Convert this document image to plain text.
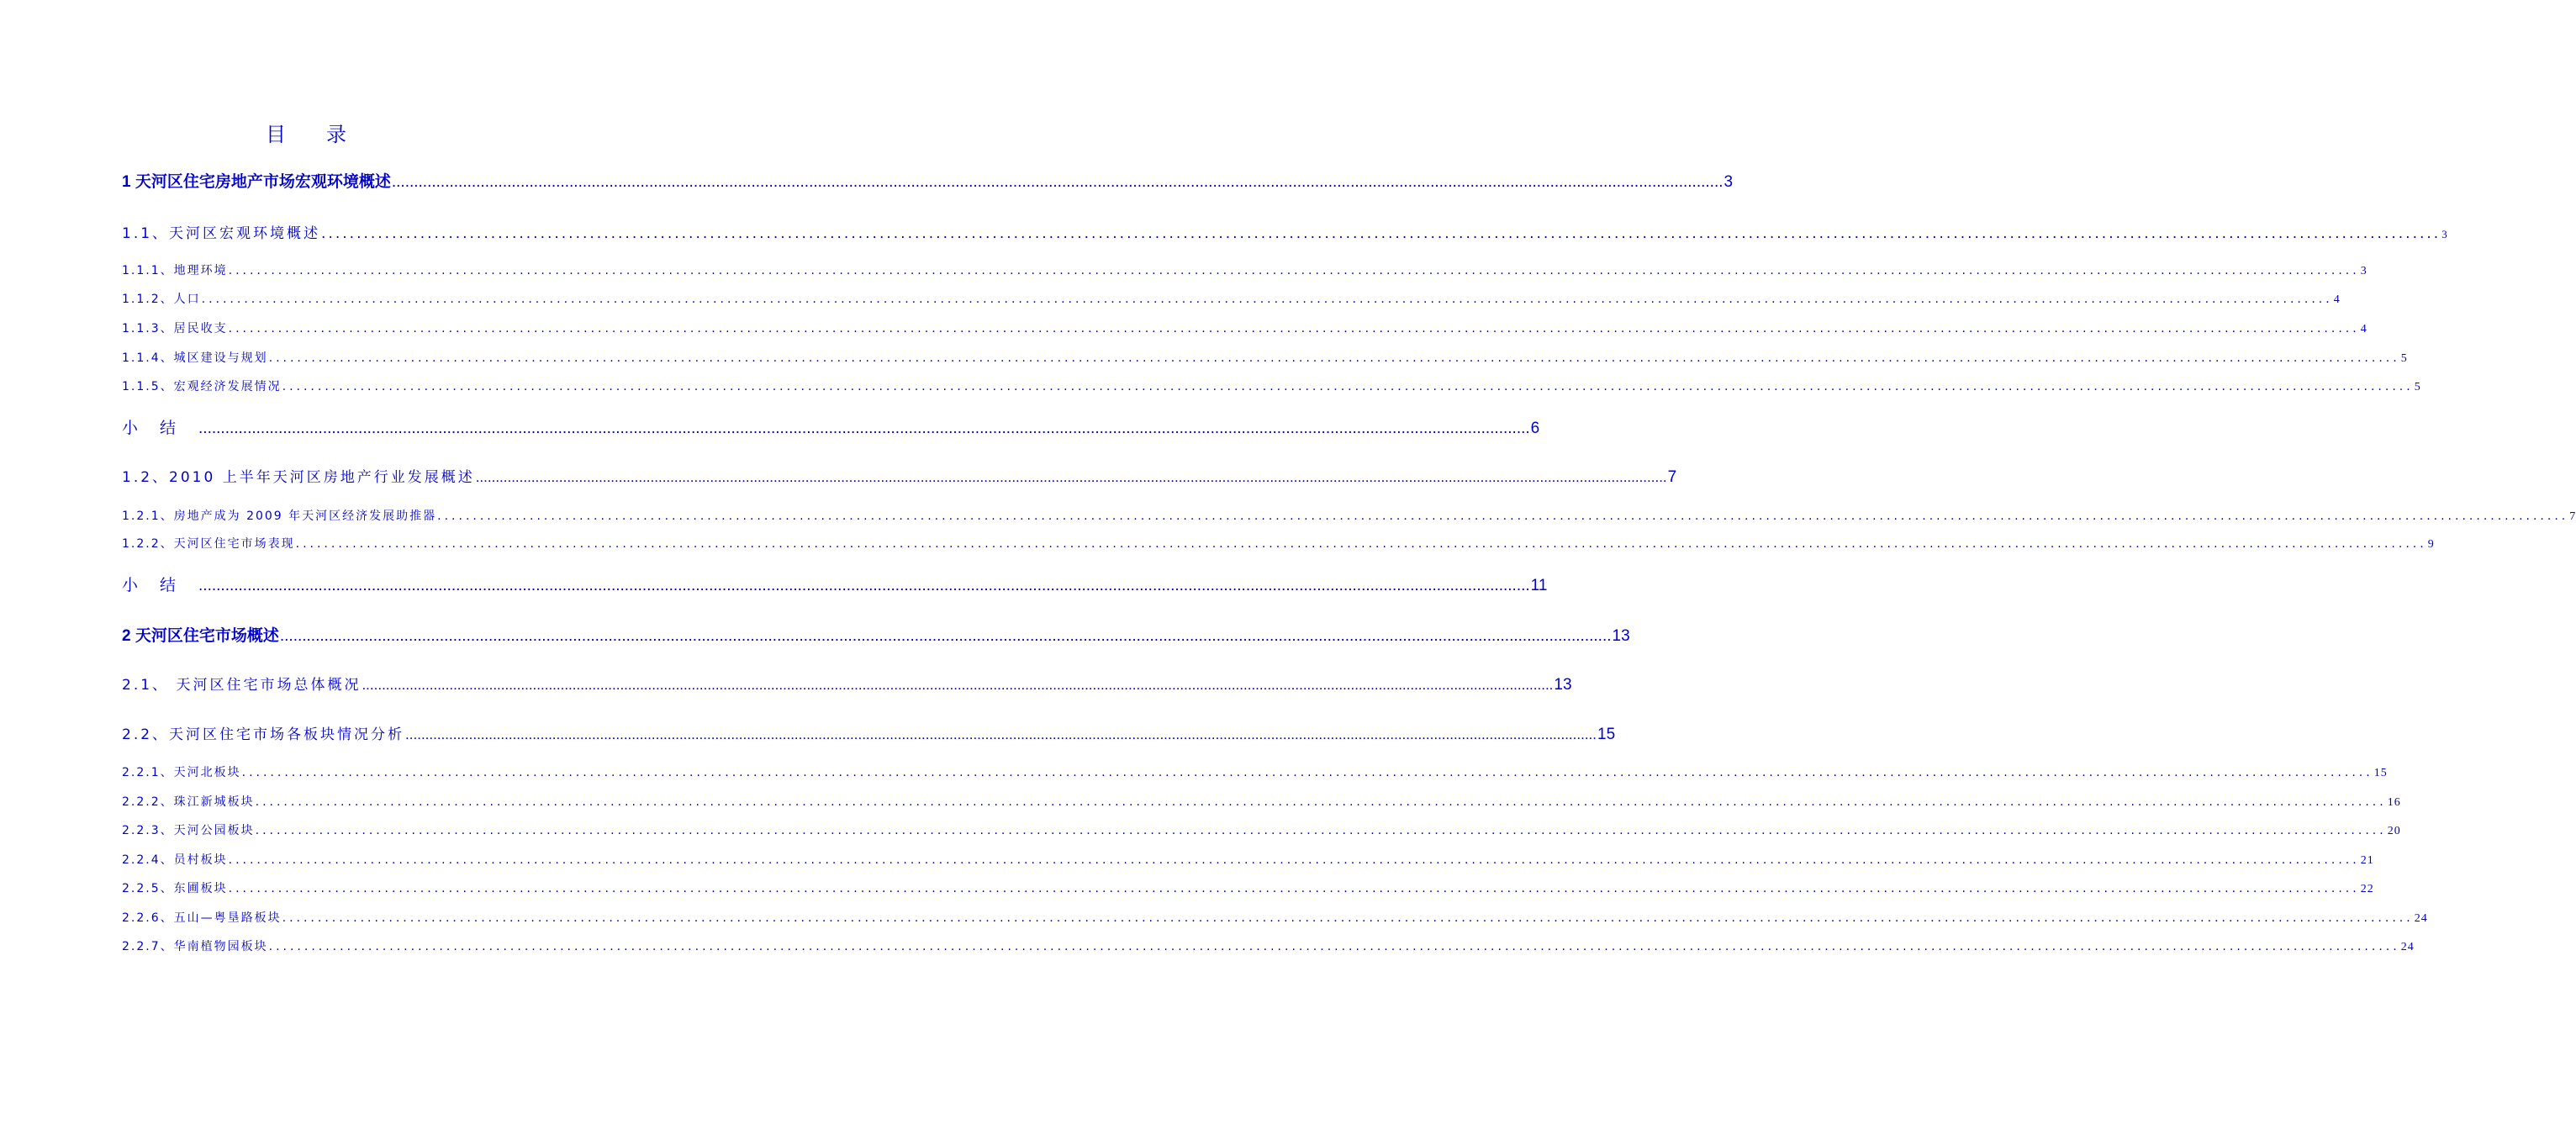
目 录
1 天河区住宅房地产市场宏观环境概述 ............................................................................................................................................................................................................................................................................................................ 3
1.1、天河区宏观环境概述 ............................................................................................................................................................................................................................................................................................................ 3
1.1.1、地理环境 ............................................................................................................................................................................................................................................................................................................ 3
1.1.2、人口 ............................................................................................................................................................................................................................................................................................................ 4
1.1.3、居民收支 ............................................................................................................................................................................................................................................................................................................ 4
1.1.4、城区建设与规划 ............................................................................................................................................................................................................................................................................................................ 5
1.1.5、宏观经济发展情况 ............................................................................................................................................................................................................................................................................................................ 5
小结 ............................................................................................................................................................................................................................................................................................................ 6
1.2、2010 上半年天河区房地产行业发展概述 ............................................................................................................................................................................................................................................................................................................ 7
1.2.1、房地产成为 2009 年天河区经济发展助推器 ............................................................................................................................................................................................................................................................................................................ 7
1.2.2、天河区住宅市场表现 ............................................................................................................................................................................................................................................................................................................ 9
小结 ............................................................................................................................................................................................................................................................................................................ 11
2 天河区住宅市场概述 ............................................................................................................................................................................................................................................................................................................ 13
2.1、 天河区住宅市场总体概况 ............................................................................................................................................................................................................................................................................................................ 13
2.2、天河区住宅市场各板块情况分析 ............................................................................................................................................................................................................................................................................................................ 15
2.2.1、天河北板块 ............................................................................................................................................................................................................................................................................................................ 15
2.2.2、珠江新城板块 ............................................................................................................................................................................................................................................................................................................ 16
2.2.3、天河公园板块 ............................................................................................................................................................................................................................................................................................................ 20
2.2.4、员村板块 ............................................................................................................................................................................................................................................................................................................ 21
2.2.5、东圃板块 ............................................................................................................................................................................................................................................................................................................ 22
2.2.6、五山—粤垦路板块 ............................................................................................................................................................................................................................................................................................................ 24
2.2.7、华南植物园板块 ............................................................................................................................................................................................................................................................................................................ 24
